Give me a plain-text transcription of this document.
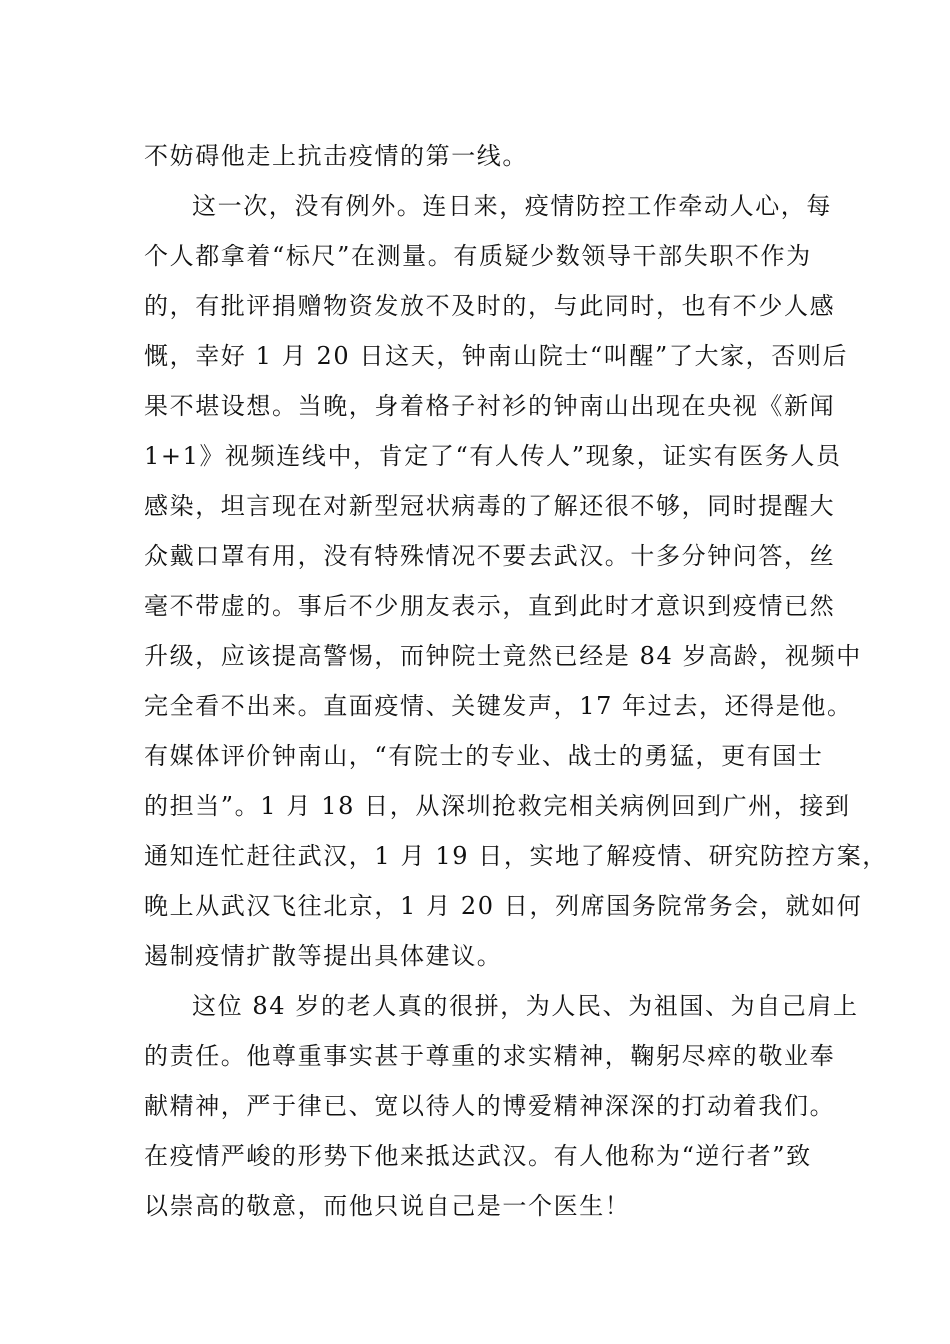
不妨碍他走上抗击疫情的第一线。
这一次，没有例外。连日来，疫情防控工作牵动人心，每
个人都拿着“标尺”在测量。有质疑少数领导干部失职不作为
的，有批评捐赠物资发放不及时的，与此同时，也有不少人感
慨，幸好 1 月 20 日这天，钟南山院士“叫醒”了大家，否则后
果不堪设想。当晚，身着格子衬衫的钟南山出现在央视《新闻
1+1》视频连线中，肯定了“有人传人”现象，证实有医务人员
感染，坦言现在对新型冠状病毒的了解还很不够，同时提醒大
众戴口罩有用，没有特殊情况不要去武汉。十多分钟问答，丝
毫不带虚的。事后不少朋友表示，直到此时才意识到疫情已然
升级，应该提高警惕，而钟院士竟然已经是 84 岁高龄，视频中
完全看不出来。直面疫情、关键发声，17 年过去，还得是他。
有媒体评价钟南山，“有院士的专业、战士的勇猛，更有国士
的担当”。1 月 18 日，从深圳抢救完相关病例回到广州，接到
通知连忙赶往武汉，1 月 19 日，实地了解疫情、研究防控方案，
晚上从武汉飞往北京，1 月 20 日，列席国务院常务会，就如何
遏制疫情扩散等提出具体建议。
这位 84 岁的老人真的很拼，为人民、为祖国、为自己肩上
的责任。他尊重事实甚于尊重的求实精神，鞠躬尽瘁的敬业奉
献精神，严于律已、宽以待人的博爱精神深深的打动着我们。
在疫情严峻的形势下他来抵达武汉。有人他称为“逆行者”致
以崇高的敬意，而他只说自己是一个医生！
